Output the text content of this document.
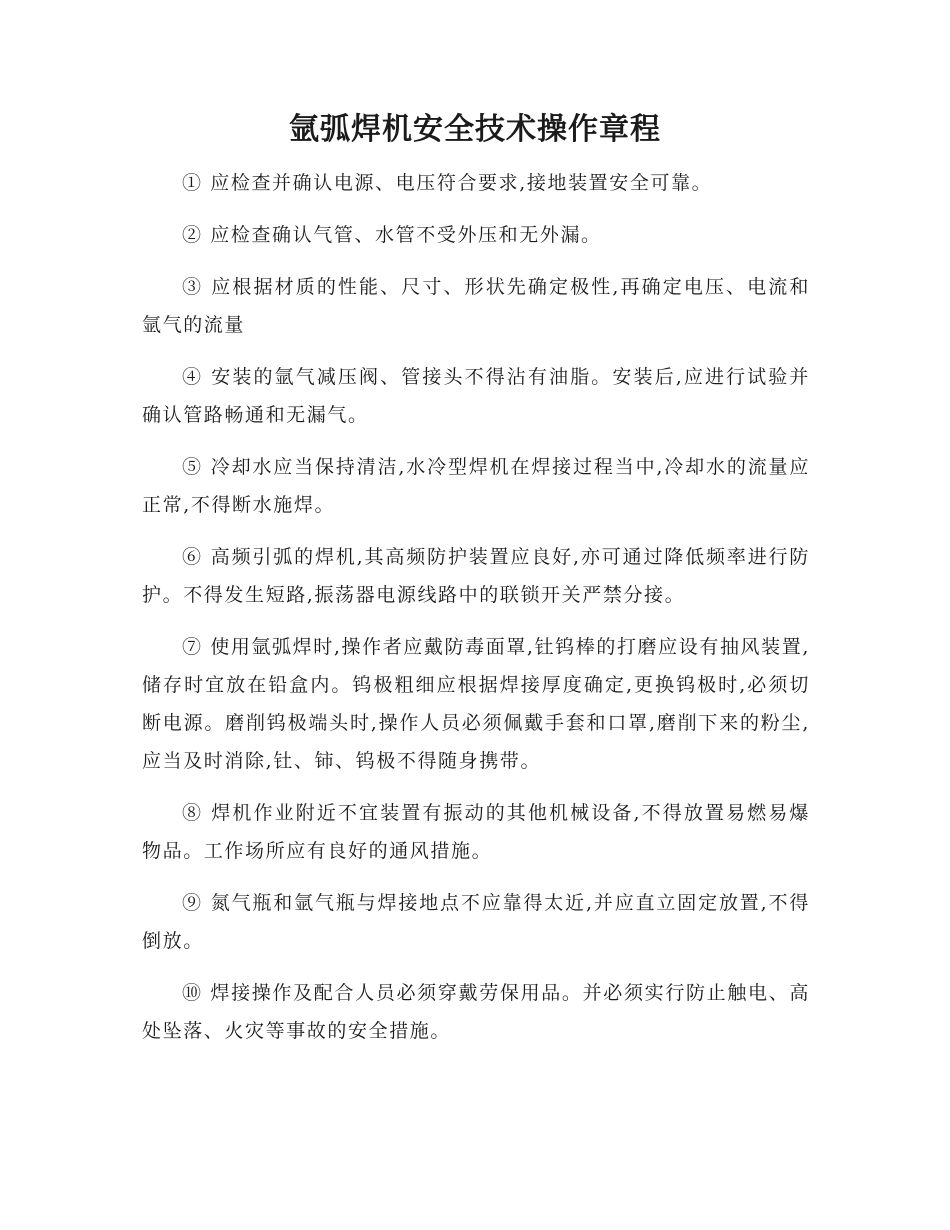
氩弧焊机安全技术操作章程

① 应检查并确认电源、电压符合要求,接地装置安全可靠。

② 应检查确认气管、水管不受外压和无外漏。

③ 应根据材质的性能、尺寸、形状先确定极性,再确定电压、电流和氩气的流量

④ 安装的氩气减压阀、管接头不得沾有油脂。安装后,应进行试验并确认管路畅通和无漏气。

⑤ 冷却水应当保持清洁,水冷型焊机在焊接过程当中,冷却水的流量应正常,不得断水施焊。

⑥ 高频引弧的焊机,其高频防护装置应良好,亦可通过降低频率进行防护。不得发生短路,振荡器电源线路中的联锁开关严禁分接。

⑦ 使用氩弧焊时,操作者应戴防毒面罩,钍钨棒的打磨应设有抽风装置,储存时宜放在铅盒内。钨极粗细应根据焊接厚度确定,更换钨极时,必须切断电源。磨削钨极端头时,操作人员必须佩戴手套和口罩,磨削下来的粉尘,应当及时消除,钍、铈、钨极不得随身携带。

⑧ 焊机作业附近不宜装置有振动的其他机械设备,不得放置易燃易爆物品。工作场所应有良好的通风措施。

⑨ 氮气瓶和氩气瓶与焊接地点不应靠得太近,并应直立固定放置,不得倒放。

⑩ 焊接操作及配合人员必须穿戴劳保用品。并必须实行防止触电、高处坠落、火灾等事故的安全措施。
